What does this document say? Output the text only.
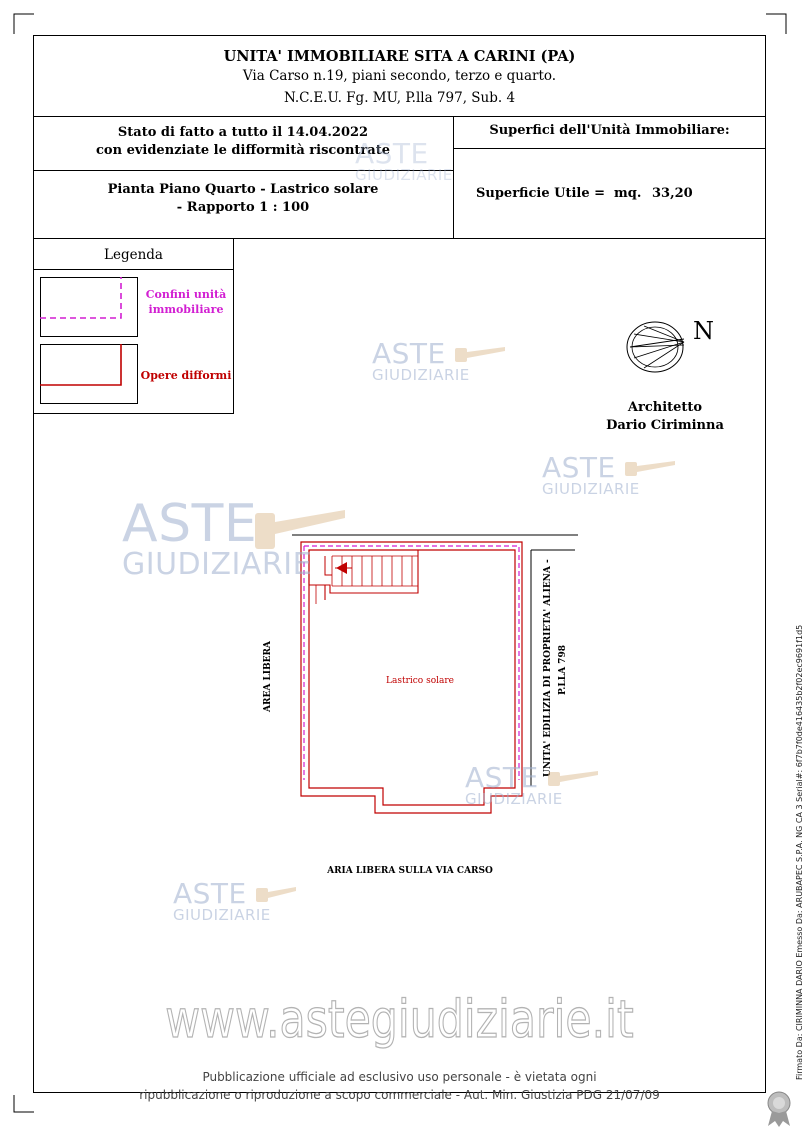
UNITA' IMMOBILIARE SITA A CARINI (PA)
Via Carso n.19, piani secondo, terzo e quarto.
N.C.E.U. Fg. MU, P.lla 797, Sub. 4
Stato di fatto a tutto il 14.04.2022
con evidenziate le difformità riscontrate
Pianta Piano Quarto - Lastrico solare
- Rapporto 1 : 100
Superfici dell'Unità Immobiliare:
Superficie Utile = mq. 33,20
Legenda
Confini unità
immobiliare
Opere difformi
N
Architetto
Dario Ciriminna
Lastrico solare
AREA LIBERA	UNITA' EDILIZIA DI PROPRIETA' ALIENA - P.LLA 798
ARIA LIBERA SULLA VIA CARSO
ASTE
GIUDIZIARIE
ASTE
GIUDIZIARIE
ASTE
GIUDIZIARIE
ASTE
GIUDIZIARIE
ASTE
GIUDIZIARIE
ASTE
GIUDIZIARIE
www.astegiudiziarie.it
Pubblicazione ufficiale ad esclusivo uso personale - è vietata ogni
ripubblicazione o riproduzione a scopo commerciale - Aut. Min. Giustizia PDG 21/07/09
Firmato Da: CIRIMINNA DARIO Emesso Da: ARUBAPEC S.P.A. NG CA 3 Serial#: 6f7b7f0de416435b2f02ec9691f1d5
